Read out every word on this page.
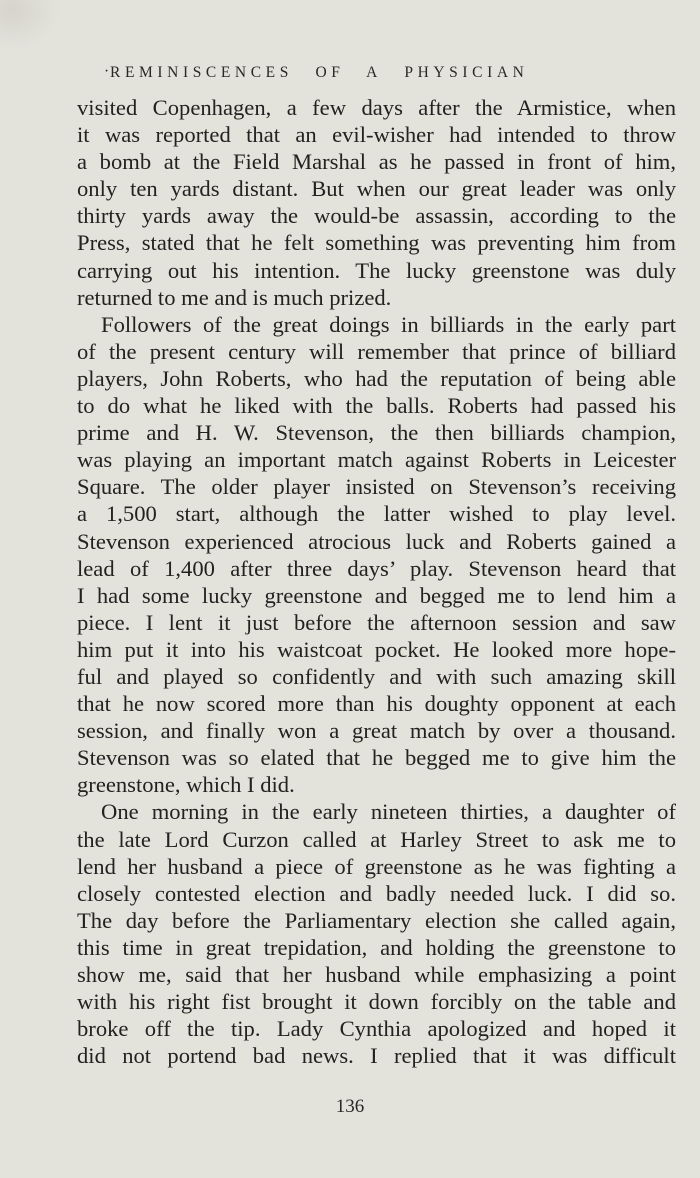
· REMINISCENCES OF A PHYSICIAN
visited Copenhagen, a few days after the Armistice, when
it was reported that an evil-wisher had intended to throw
a bomb at the Field Marshal as he passed in front of him,
only ten yards distant. But when our great leader was only
thirty yards away the would-be assassin, according to the
Press, stated that he felt something was preventing him from
carrying out his intention. The lucky greenstone was duly
returned to me and is much prized.
Followers of the great doings in billiards in the early part
of the present century will remember that prince of billiard
players, John Roberts, who had the reputation of being able
to do what he liked with the balls. Roberts had passed his
prime and H. W. Stevenson, the then billiards champion,
was playing an important match against Roberts in Leicester
Square. The older player insisted on Stevenson’s receiving
a 1,500 start, although the latter wished to play level.
Stevenson experienced atrocious luck and Roberts gained a
lead of 1,400 after three days’ play. Stevenson heard that
I had some lucky greenstone and begged me to lend him a
piece. I lent it just before the afternoon session and saw
him put it into his waistcoat pocket. He looked more hope-
ful and played so confidently and with such amazing skill
that he now scored more than his doughty opponent at each
session, and finally won a great match by over a thousand.
Stevenson was so elated that he begged me to give him the
greenstone, which I did.
One morning in the early nineteen thirties, a daughter of
the late Lord Curzon called at Harley Street to ask me to
lend her husband a piece of greenstone as he was fighting a
closely contested election and badly needed luck. I did so.
The day before the Parliamentary election she called again,
this time in great trepidation, and holding the greenstone to
show me, said that her husband while emphasizing a point
with his right fist brought it down forcibly on the table and
broke off the tip. Lady Cynthia apologized and hoped it
did not portend bad news. I replied that it was difficult
136
